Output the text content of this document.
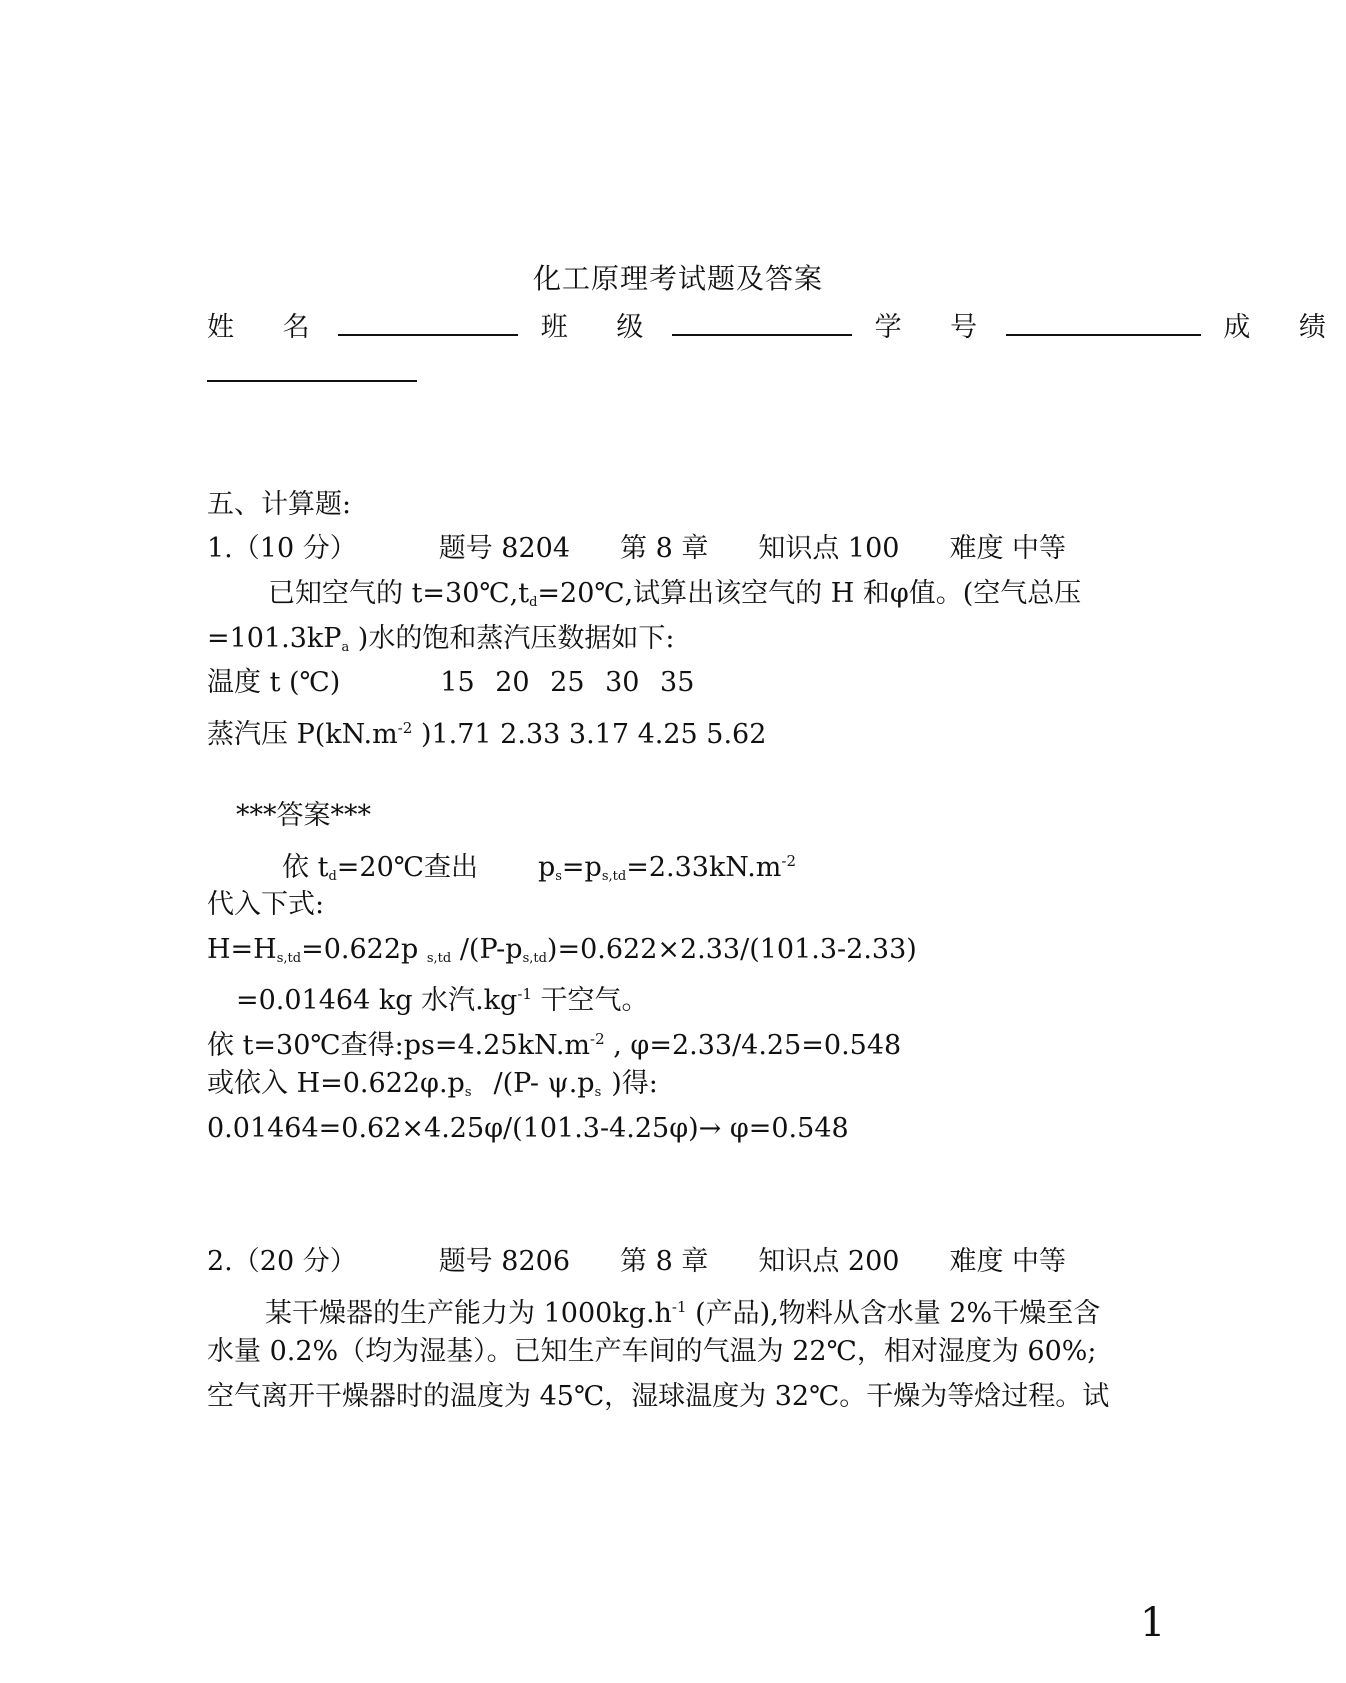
化工原理考试题及答案
姓 名	班 级	学 号	成 绩
五、计算题:
1.（10 分）	题号 8204 第 8 章 知识点 100 难度 中等
已知空气的 t=30℃,td=20℃,试算出该空气的 H 和φ值。(空气总压
=101.3kPa )水的饱和蒸汽压数据如下:
温度 t (℃)	15 20 25 30 35
蒸汽压 $P(kN.m^{-2}$ )1.71 2.33 3.17 4.25 5.62
***答案***
依 td=20℃查出 $ps=ps,td=2.33kN.m^{-2}$
代入下式:
H=Hs,td=0.622p s,td /(P-ps,td)=0.622×2.33/(101.3-2.33)
=0.01464 kg 水汽$.kg^{-1}$ 干空气。
依 t=30℃查得$:ps=4.25kN.m^{-2}$ , φ=2.33/4.25=0.548
或依入 H=0.622φ.ps /(P- ψ.ps )得:
0.01464=0.62×4.25φ/(101.3-4.25φ)→ φ=0.548
2.（20 分）	题号 8206 第 8 章 知识点 200 难度 中等
某干燥器的生产能力为 $1000kg.h^{-1}$ (产品),物料从含水量 2%干燥至含
水量 0.2%（均为湿基）。已知生产车间的气温为 22℃，相对湿度为 60%;
空气离开干燥器时的温度为 45℃，湿球温度为 32℃。干燥为等焓过程。试
1
